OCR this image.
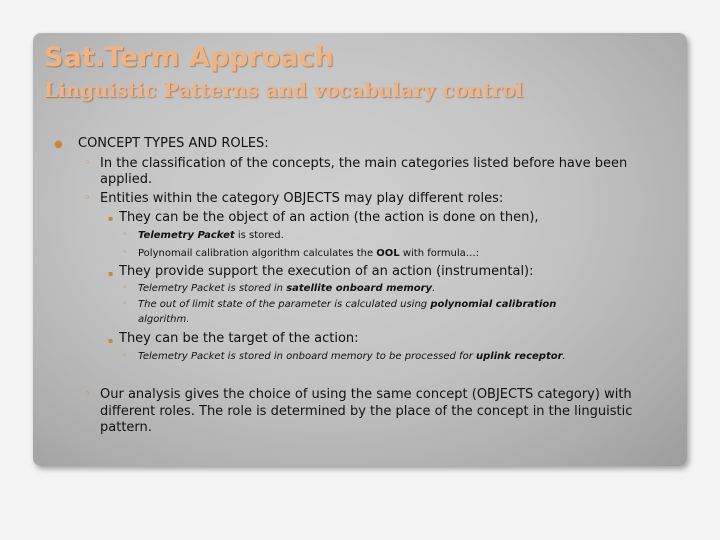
Sat.Term Approach
Linguistic Patterns and vocabulary control
● CONCEPT TYPES AND ROLES:
◦ In the classification of the concepts, the main categories listed before have been
applied.
◦ Entities within the category OBJECTS may play different roles:
▪ They can be the object of an action (the action is done on then),
◦ Telemetry Packet is stored.
◦ Polynomail calibration algorithm calculates the OOL with formula…:
▪ They provide support the execution of an action (instrumental):
◦ Telemetry Packet is stored in satellite onboard memory.
◦ The out of limit state of the parameter is calculated using polynomial calibration
algorithm.
▪ They can be the target of the action:
◦ Telemetry Packet is stored in onboard memory to be processed for uplink receptor.
◦ Our analysis gives the choice of using the same concept (OBJECTS category) with
different roles. The role is determined by the place of the concept in the linguistic
pattern.
